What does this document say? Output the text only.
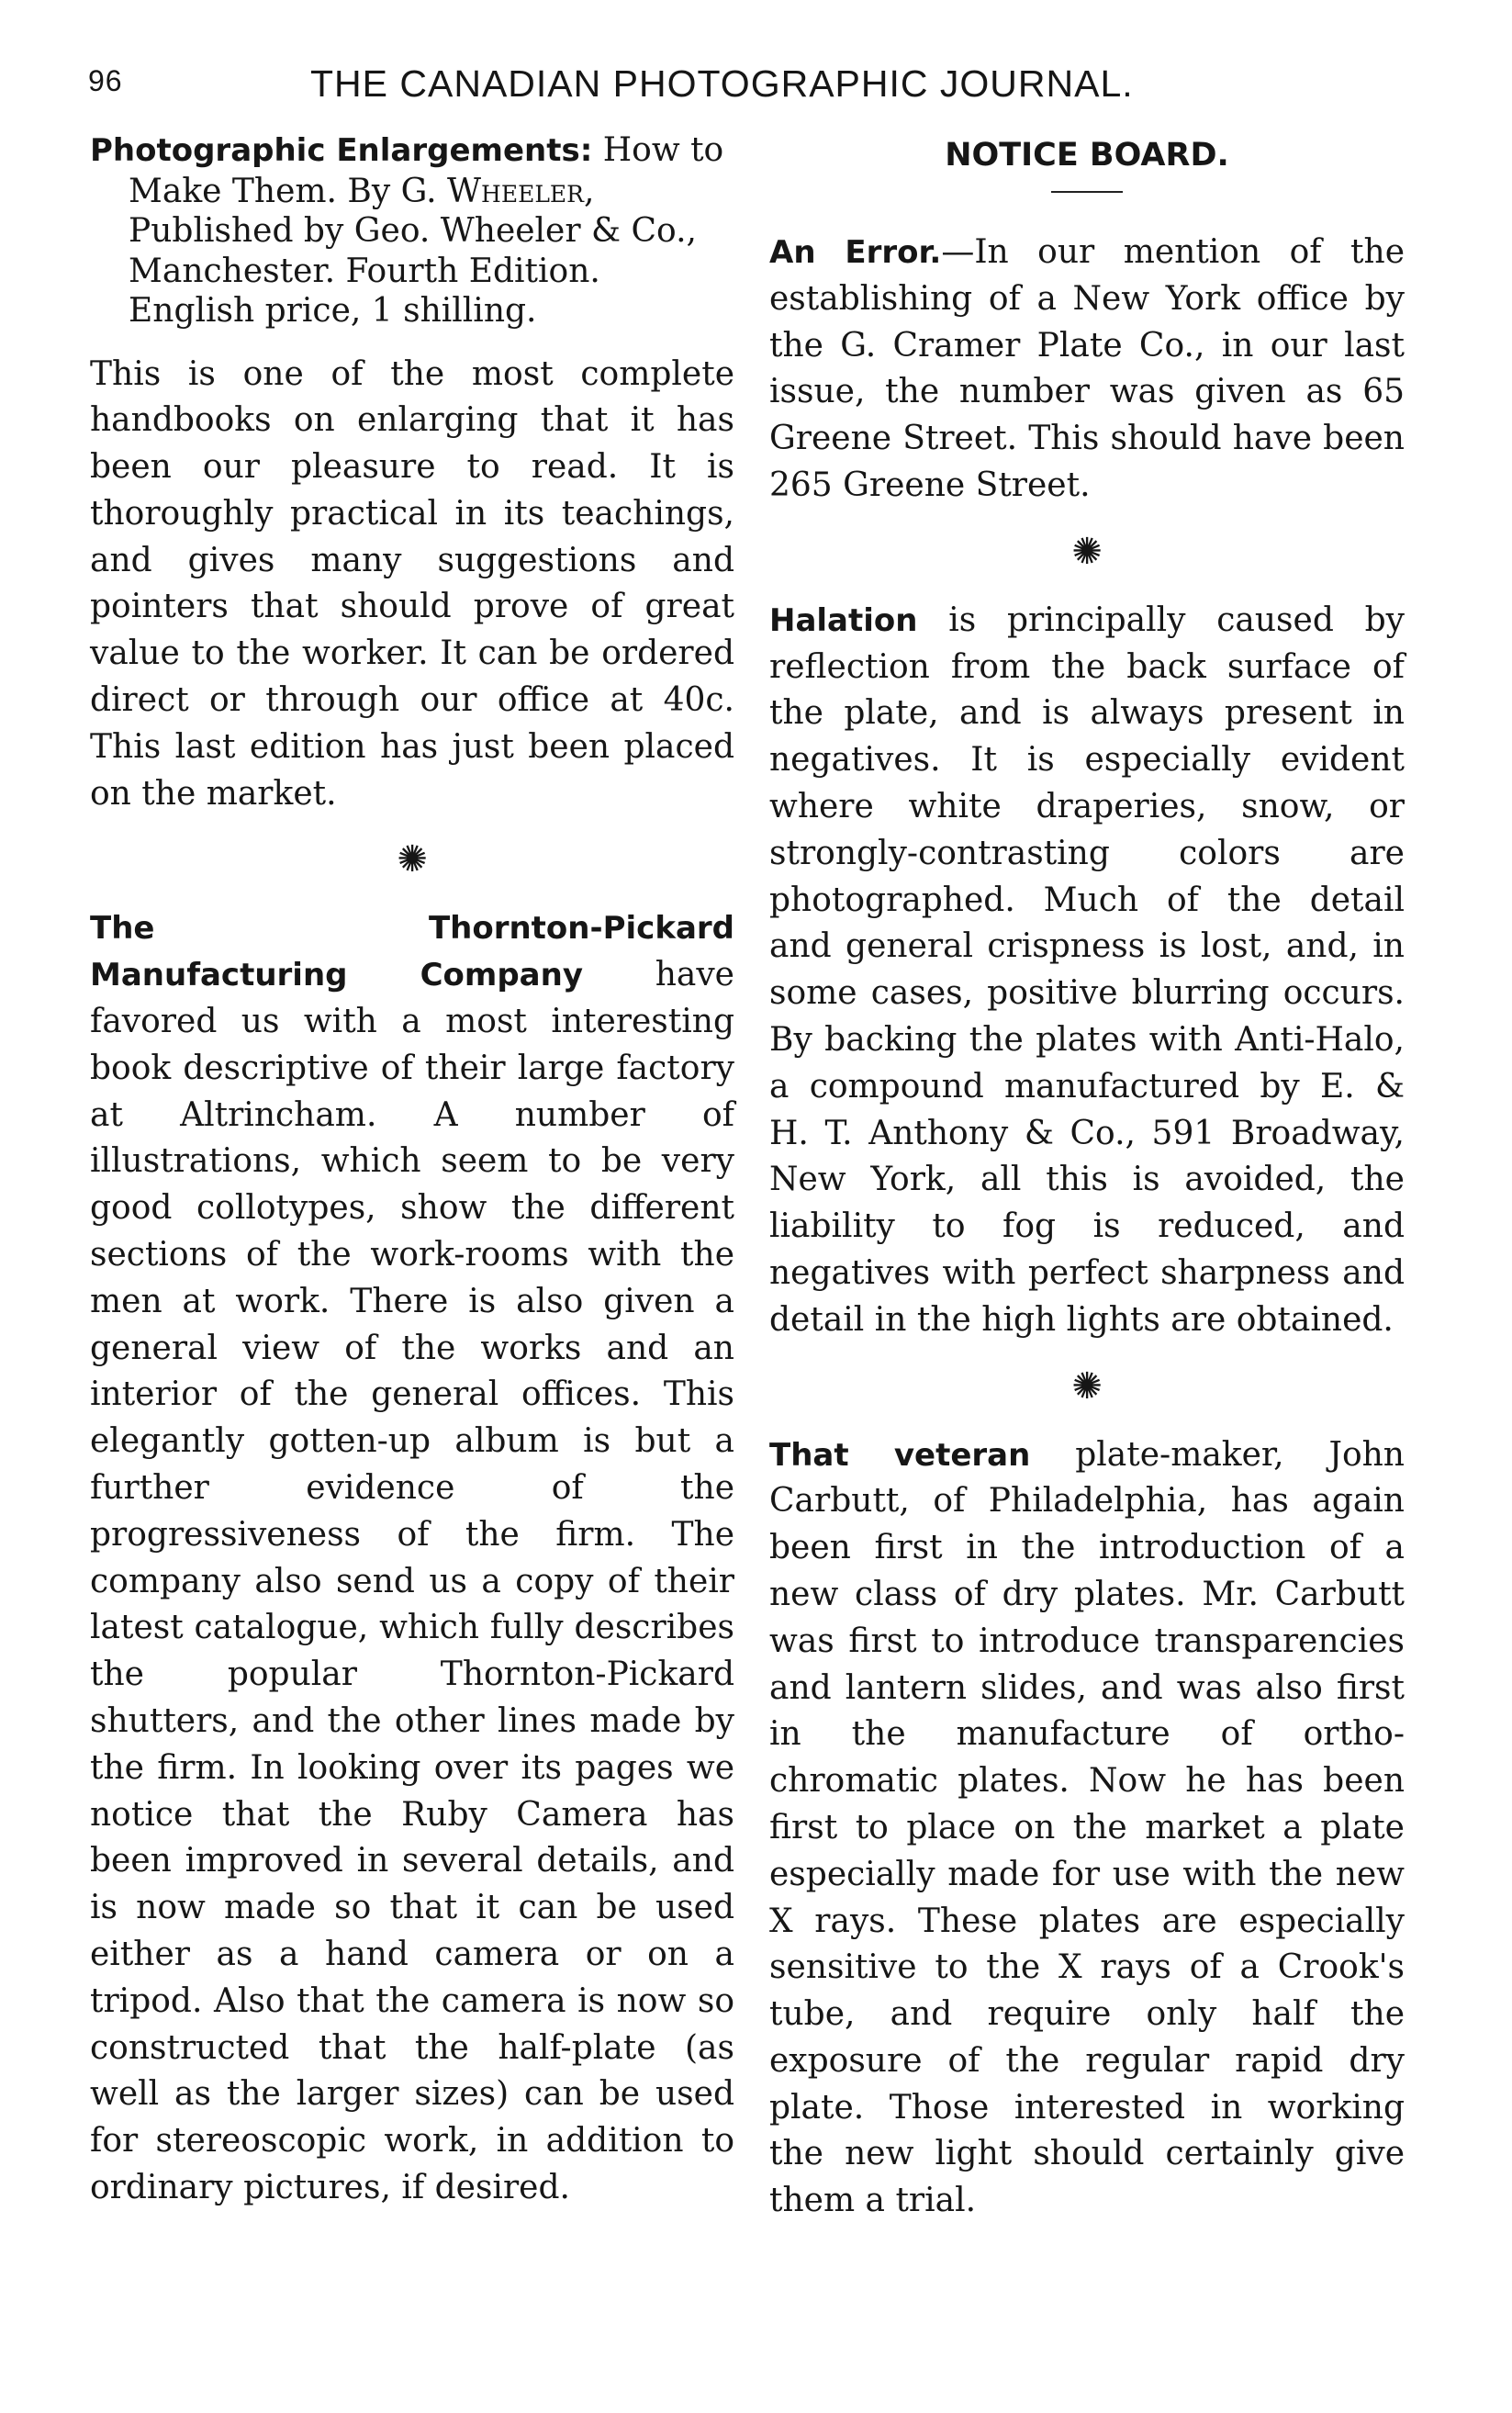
96	THE CANADIAN PHOTOGRAPHIC JOURNAL.

Photographic Enlargements: How to Make Them. By G. Wheeler, Published by Geo. Wheeler & Co., Manchester. Fourth Edition. English price, 1 shilling.

This is one of the most complete handbooks on enlarging that it has been our pleasure to read. It is thoroughly practical in its teachings, and gives many suggestions and pointers that should prove of great value to the worker. It can be ordered direct or through our office at 40c. This last edition has just been placed on the market.

✺

The Thornton-Pickard Manufacturing Company have favored us with a most interesting book descriptive of their large factory at Altrincham. A number of illustrations, which seem to be very good collotypes, show the different sections of the work-rooms with the men at work. There is also given a general view of the works and an interior of the general offices. This elegantly gotten-up album is but a further evidence of the progressiveness of the firm. The company also send us a copy of their latest catalogue, which fully describes the popular Thornton-Pickard shutters, and the other lines made by the firm. In looking over its pages we notice that the Ruby Camera has been improved in several details, and is now made so that it can be used either as a hand camera or on a tripod. Also that the camera is now so constructed that the half-plate (as well as the larger sizes) can be used for stereoscopic work, in addition to ordinary pictures, if desired.

NOTICE BOARD.

An Error.—In our mention of the establishing of a New York office by the G. Cramer Plate Co., in our last issue, the number was given as 65 Greene Street. This should have been 265 Greene Street.

✺

Halation is principally caused by reflection from the back surface of the plate, and is always present in negatives. It is especially evident where white draperies, snow, or strongly-contrasting colors are photographed. Much of the detail and general crispness is lost, and, in some cases, positive blurring occurs. By backing the plates with Anti-Halo, a compound manufactured by E. & H. T. Anthony & Co., 591 Broadway, New York, all this is avoided, the liability to fog is reduced, and negatives with perfect sharpness and detail in the high lights are obtained.

✺

That veteran plate-maker, John Carbutt, of Philadelphia, has again been first in the introduction of a new class of dry plates. Mr. Carbutt was first to introduce transparencies and lantern slides, and was also first in the manufacture of ortho-chromatic plates. Now he has been first to place on the market a plate especially made for use with the new X rays. These plates are especially sensitive to the X rays of a Crook's tube, and require only half the exposure of the regular rapid dry plate. Those interested in working the new light should certainly give them a trial.
